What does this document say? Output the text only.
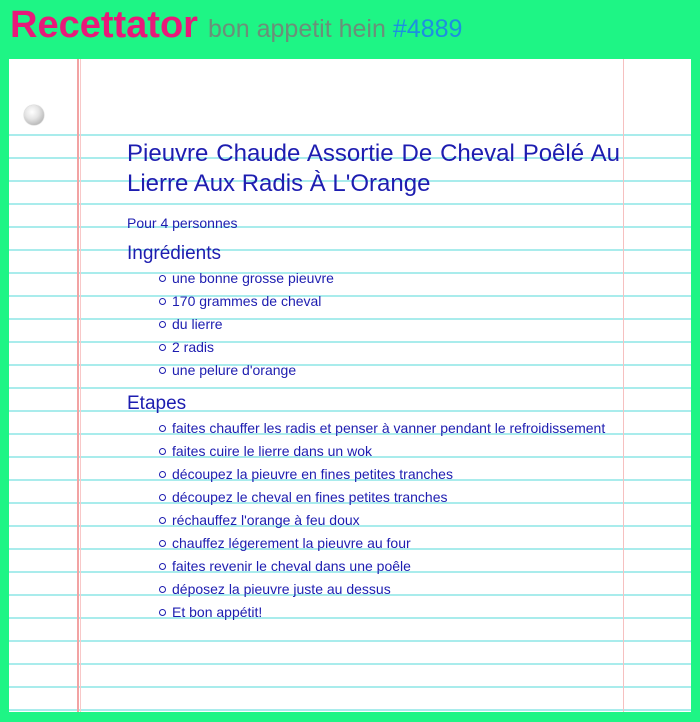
Recettator bon appetit hein #4889
Pieuvre Chaude Assortie De Cheval Poêlé Au Lierre Aux Radis À L'Orange
Pour 4 personnes
Ingrédients
une bonne grosse pieuvre
170 grammes de cheval
du lierre
2 radis
une pelure d'orange
Etapes
faites chauffer les radis et penser à vanner pendant le refroidissement
faites cuire le lierre dans un wok
découpez la pieuvre en fines petites tranches
découpez le cheval en fines petites tranches
réchauffez l'orange à feu doux
chauffez légerement la pieuvre au four
faites revenir le cheval dans une poêle
déposez la pieuvre juste au dessus
Et bon appétit!
